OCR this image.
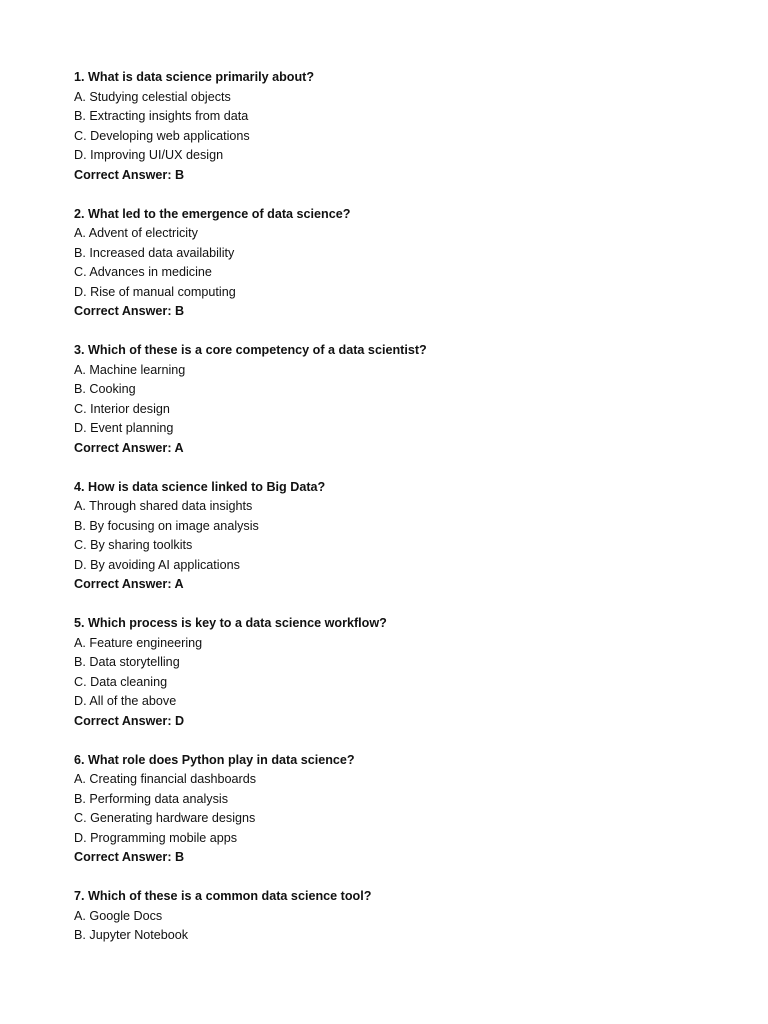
1. What is data science primarily about?
A. Studying celestial objects
B. Extracting insights from data
C. Developing web applications
D. Improving UI/UX design
Correct Answer: B
2. What led to the emergence of data science?
A. Advent of electricity
B. Increased data availability
C. Advances in medicine
D. Rise of manual computing
Correct Answer: B
3. Which of these is a core competency of a data scientist?
A. Machine learning
B. Cooking
C. Interior design
D. Event planning
Correct Answer: A
4. How is data science linked to Big Data?
A. Through shared data insights
B. By focusing on image analysis
C. By sharing toolkits
D. By avoiding AI applications
Correct Answer: A
5. Which process is key to a data science workflow?
A. Feature engineering
B. Data storytelling
C. Data cleaning
D. All of the above
Correct Answer: D
6. What role does Python play in data science?
A. Creating financial dashboards
B. Performing data analysis
C. Generating hardware designs
D. Programming mobile apps
Correct Answer: B
7. Which of these is a common data science tool?
A. Google Docs
B. Jupyter Notebook
